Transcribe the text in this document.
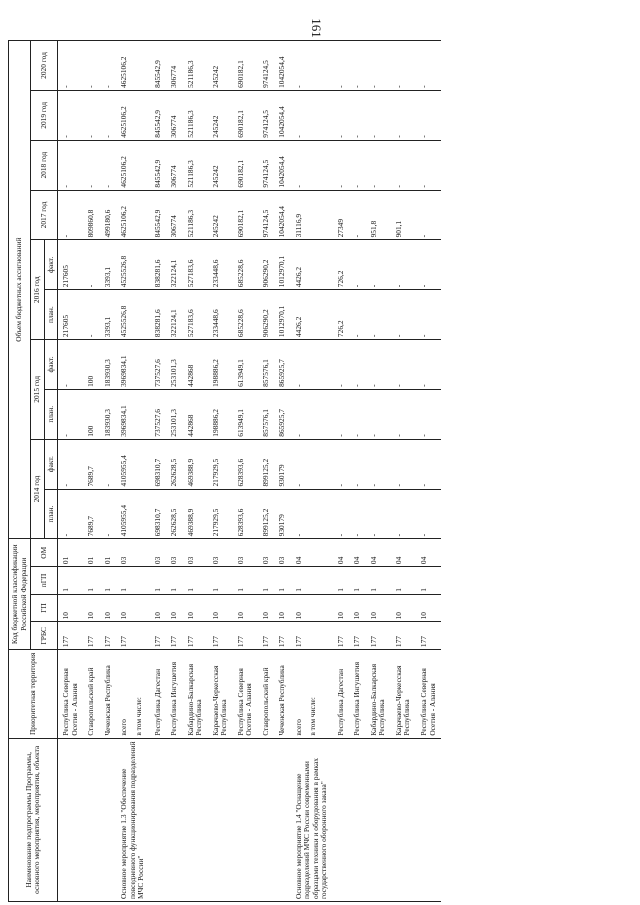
161
Наименование подпрограммы Программы, основного мероприятия, мероприятия, объекта	Приоритетная территория	Код бюджетной классификации Российской Федерации				Объем бюджетных ассигнований									
		ГРБС	ГП	пГП	ОМ	2014 год		2015 год		2016 год		2017 год	2018 год	2019 год	2020 год
						план.	факт.	план.	факт.	план.	факт.				

	Республика Северная Осетия - Алания	177	10	1	01	-	-	-	-	217605	217605	-	-	-	-

	Ставропольский край	177	10	1	01	7689,7	7689,7	100	100	-	-	809860,8	-	-	-

	Чеченская Республика	177	10	1	01	-	-	183930,3	183930,3	3393,1	3393,1	499180,6	-	-	-
Основное мероприятие 1.3 "Обеспечение повседневного функционирования подразделений МЧС России"	всего в том числе:	177	10	1	03	4105955,4	4105955,4	3969834,1	3969834,1	4525526,8	4525526,8	4625106,2	4625106,2	4625106,2	4625106,2

	Республика Дагестан	177	10	1	03	698310,7	698310,7	737527,6	737527,6	838281,6	838281,6	845542,9	845542,9	845542,9	845542,9

	Республика Ингушетия	177	10	1	03	262628,5	262628,5	253101,3	253101,3	322124,1	322124,1	306774	306774	306774	306774

	Кабардино-Балкарская Республика	177	10	1	03	469388,9	469388,9	442868	442868	527183,6	527183,6	521186,3	521186,3	521186,3	521186,3

	Карачаево-Черкесская Республика	177	10	1	03	217929,5	217929,5	198886,2	198886,2	233448,6	233448,6	245242	245242	245242	245242

	Республика Северная Осетия - Алания	177	10	1	03	628393,6	628393,6	613949,1	613949,1	685228,6	685228,6	690182,1	690182,1	690182,1	690182,1

	Ставропольский край	177	10	1	03	899125,2	899125,2	857576,1	857576,1	906290,2	906290,2	974124,5	974124,5	974124,5	974124,5

	Чеченская Республика	177	10	1	03	930179	930179	865925,7	865925,7	1012970,1	1012970,1	1042054,4	1042054,4	1042054,4	1042054,4
Основное мероприятие 1.4 "Оснащение подразделений МЧС России современными образцами техники и оборудования в рамках государственного оборонного заказа"	всего в том числе:	177	10	1	04	-	-	-	-	4426,2	4426,2	31116,9	-	-	-

	Республика Дагестан	177	10	1	04	-	-	-	-	726,2	726,2	27349	-	-	-

	Республика Ингушетия	177	10	1	04	-	-	-	-	-	-	-	-	-	-

	Кабардино-Балкарская Республика	177	10	1	04	-	-	-	-	-	-	951,8	-	-	-

	Карачаево-Черкесская Республика	177	10	1	04	-	-	-	-	-	-	901,1	-	-	-

	Республика Северная Осетия - Алания	177	10	1	04	-	-	-	-	-	-	-	-	-	-
